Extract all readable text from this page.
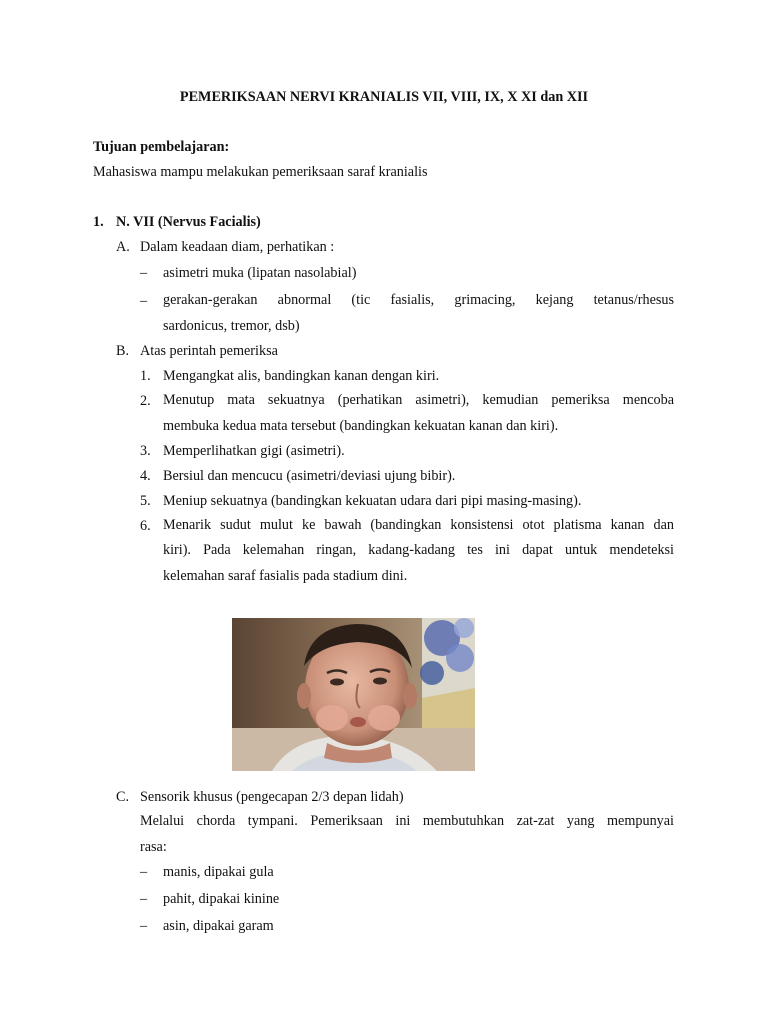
PEMERIKSAAN NERVI KRANIALIS VII, VIII, IX, X XI dan XII
Tujuan pembelajaran:
Mahasiswa mampu melakukan pemeriksaan saraf kranialis
1. N. VII (Nervus Facialis)
A. Dalam keadaan diam, perhatikan :
– asimetri muka (lipatan nasolabial)
– gerakan-gerakan abnormal (tic fasialis, grimacing, kejang tetanus/rhesus
sardonicus, tremor, dsb)
B. Atas perintah pemeriksa
1. Mengangkat alis, bandingkan kanan dengan kiri.
2. Menutup mata sekuatnya (perhatikan asimetri), kemudian pemeriksa mencoba
membuka kedua mata tersebut (bandingkan kekuatan kanan dan kiri).
3. Memperlihatkan gigi (asimetri).
4. Bersiul dan mencucu (asimetri/deviasi ujung bibir).
5. Meniup sekuatnya (bandingkan kekuatan udara dari pipi masing-masing).
6. Menarik sudut mulut ke bawah (bandingkan konsistensi otot platisma kanan dan
kiri). Pada kelemahan ringan, kadang-kadang tes ini dapat untuk mendeteksi
kelemahan saraf fasialis pada stadium dini.
C. Sensorik khusus (pengecapan 2/3 depan lidah)
Melalui chorda tympani. Pemeriksaan ini membutuhkan zat-zat yang mempunyai
rasa:
– manis, dipakai gula
– pahit, dipakai kinine
– asin, dipakai garam
